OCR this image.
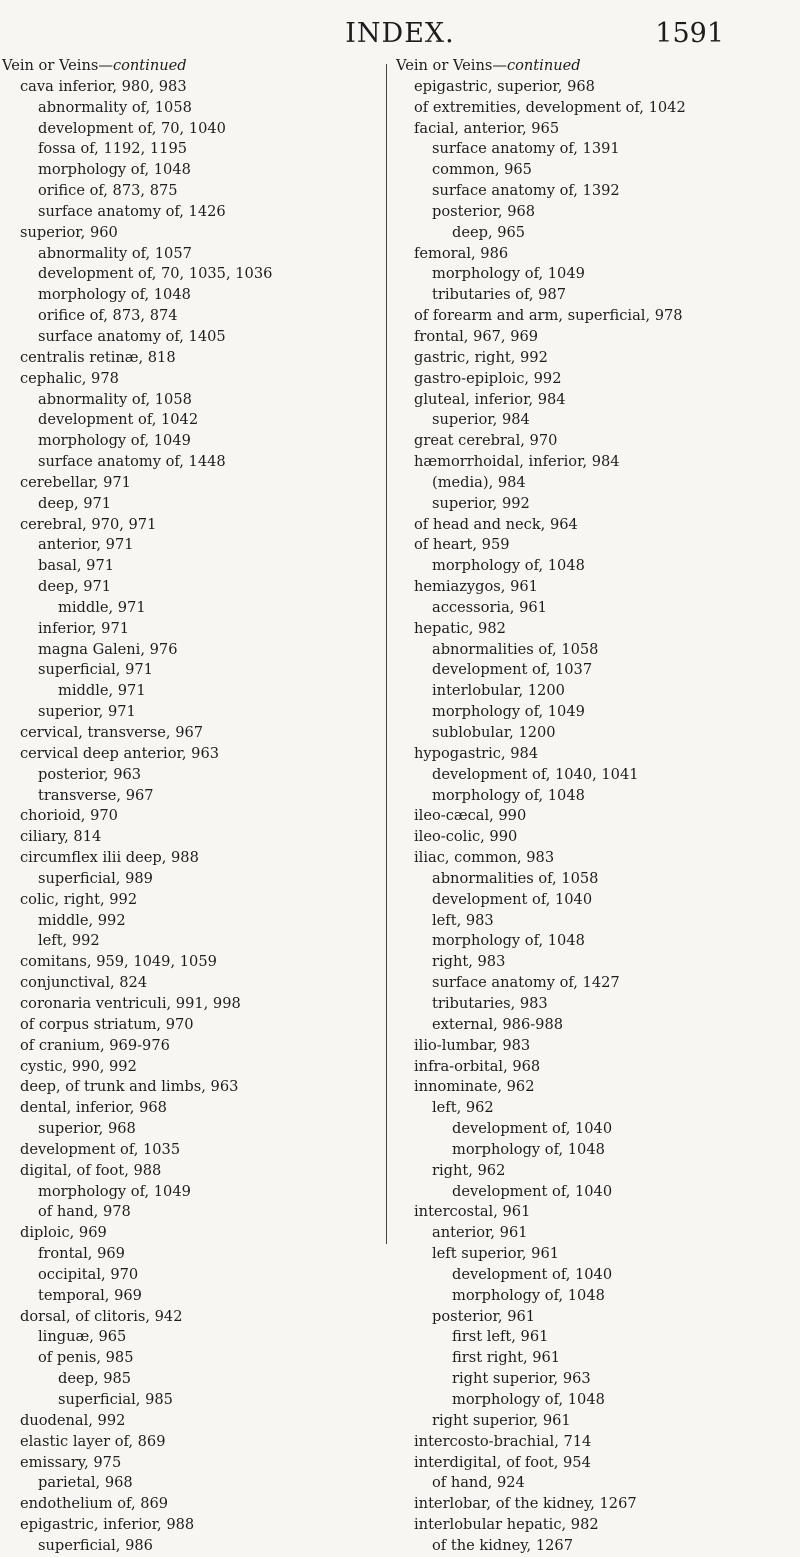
INDEX.	1591
Vein or Veins—continued
cava inferior, 980, 983
abnormality of, 1058
development of, 70, 1040
fossa of, 1192, 1195
morphology of, 1048
orifice of, 873, 875
surface anatomy of, 1426
superior, 960
abnormality of, 1057
development of, 70, 1035, 1036
morphology of, 1048
orifice of, 873, 874
surface anatomy of, 1405
centralis retinæ, 818
cephalic, 978
abnormality of, 1058
development of, 1042
morphology of, 1049
surface anatomy of, 1448
cerebellar, 971
deep, 971
cerebral, 970, 971
anterior, 971
basal, 971
deep, 971
middle, 971
inferior, 971
magna Galeni, 976
superficial, 971
middle, 971
superior, 971
cervical, transverse, 967
cervical deep anterior, 963
posterior, 963
transverse, 967
chorioid, 970
ciliary, 814
circumflex ilii deep, 988
superficial, 989
colic, right, 992
middle, 992
left, 992
comitans, 959, 1049, 1059
conjunctival, 824
coronaria ventriculi, 991, 998
of corpus striatum, 970
of cranium, 969-976
cystic, 990, 992
deep, of trunk and limbs, 963
dental, inferior, 968
superior, 968
development of, 1035
digital, of foot, 988
morphology of, 1049
of hand, 978
diploic, 969
frontal, 969
occipital, 970
temporal, 969
dorsal, of clitoris, 942
linguæ, 965
of penis, 985
deep, 985
superficial, 985
duodenal, 992
elastic layer of, 869
emissary, 975
parietal, 968
endothelium of, 869
epigastric, inferior, 988
superficial, 986
Vein or Veins—continued
epigastric, superior, 968
of extremities, development of, 1042
facial, anterior, 965
surface anatomy of, 1391
common, 965
surface anatomy of, 1392
posterior, 968
deep, 965
femoral, 986
morphology of, 1049
tributaries of, 987
of forearm and arm, superficial, 978
frontal, 967, 969
gastric, right, 992
gastro-epiploic, 992
gluteal, inferior, 984
superior, 984
great cerebral, 970
hæmorrhoidal, inferior, 984
(media), 984
superior, 992
of head and neck, 964
of heart, 959
morphology of, 1048
hemiazygos, 961
accessoria, 961
hepatic, 982
abnormalities of, 1058
development of, 1037
interlobular, 1200
morphology of, 1049
sublobular, 1200
hypogastric, 984
development of, 1040, 1041
morphology of, 1048
ileo-cæcal, 990
ileo-colic, 990
iliac, common, 983
abnormalities of, 1058
development of, 1040
left, 983
morphology of, 1048
right, 983
surface anatomy of, 1427
tributaries, 983
external, 986-988
ilio-lumbar, 983
infra-orbital, 968
innominate, 962
left, 962
development of, 1040
morphology of, 1048
right, 962
development of, 1040
intercostal, 961
anterior, 961
left superior, 961
development of, 1040
morphology of, 1048
posterior, 961
first left, 961
first right, 961
right superior, 963
morphology of, 1048
right superior, 961
intercosto-brachial, 714
interdigital, of foot, 954
of hand, 924
interlobar, of the kidney, 1267
interlobular hepatic, 982
of the kidney, 1267
